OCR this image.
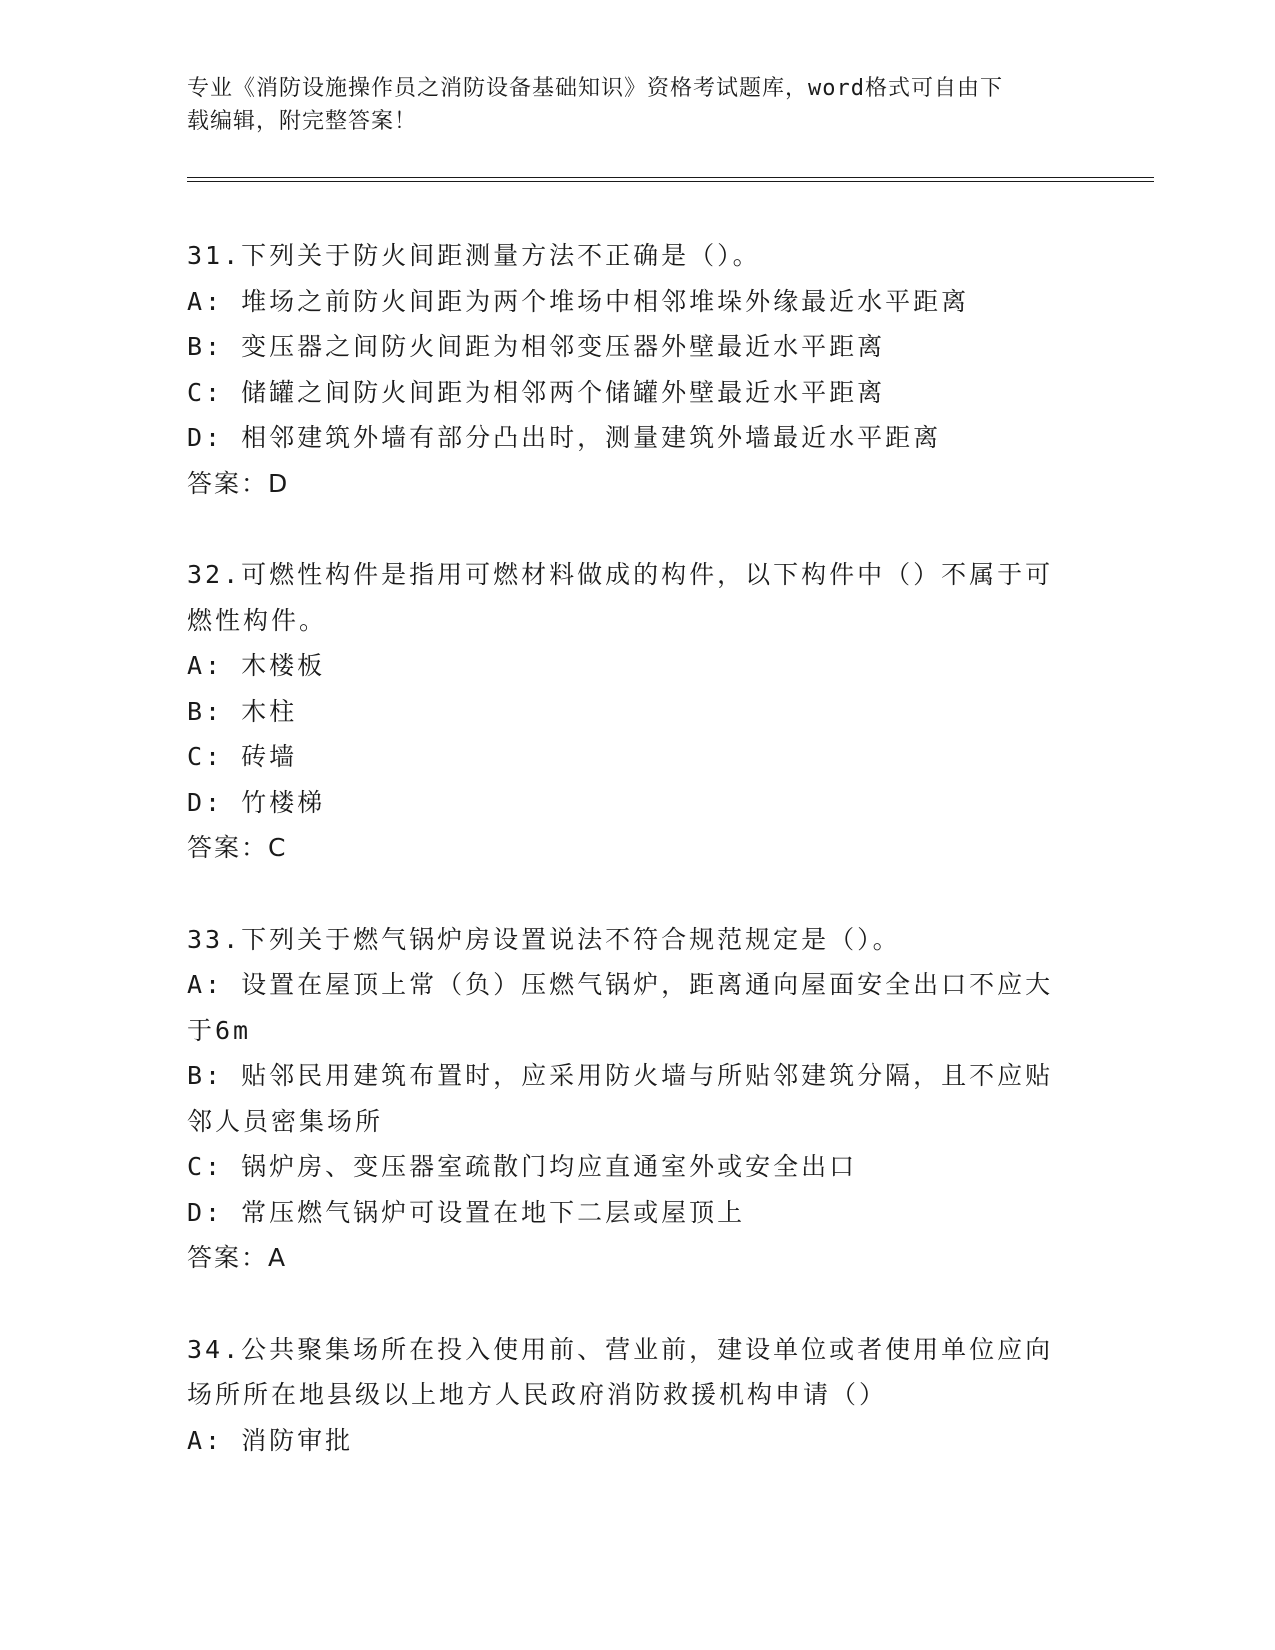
专业《消防设施操作员之消防设备基础知识》资格考试题库，word格式可自由下
载编辑，附完整答案！

31.下列关于防火间距测量方法不正确是（）。

A: 堆场之前防火间距为两个堆场中相邻堆垛外缘最近水平距离

B: 变压器之间防火间距为相邻变压器外壁最近水平距离

C: 储罐之间防火间距为相邻两个储罐外壁最近水平距离

D: 相邻建筑外墙有部分凸出时，测量建筑外墙最近水平距离

答案：D

32.可燃性构件是指用可燃材料做成的构件，以下构件中（）不属于可

燃性构件。

A: 木楼板

B: 木柱

C: 砖墙

D: 竹楼梯

答案：C

33.下列关于燃气锅炉房设置说法不符合规范规定是（）。

A: 设置在屋顶上常（负）压燃气锅炉，距离通向屋面安全出口不应大

于6m

B: 贴邻民用建筑布置时，应采用防火墙与所贴邻建筑分隔，且不应贴

邻人员密集场所

C: 锅炉房、变压器室疏散门均应直通室外或安全出口

D: 常压燃气锅炉可设置在地下二层或屋顶上

答案：A

34.公共聚集场所在投入使用前、营业前，建设单位或者使用单位应向

场所所在地县级以上地方人民政府消防救援机构申请（）

A: 消防审批
